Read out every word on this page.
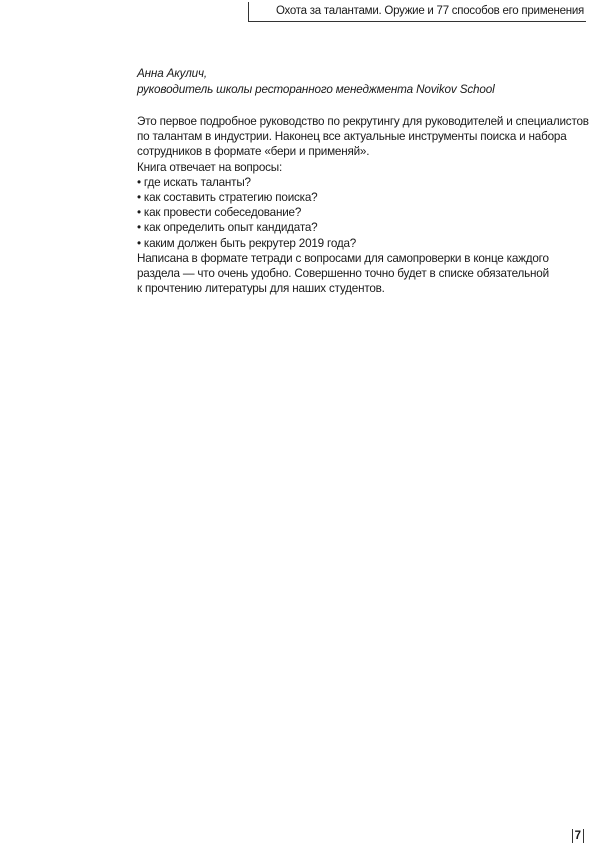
Охота за талантами. Оружие и 77 способов его применения
Анна Акулич,
руководитель школы ресторанного менеджмента Novikov School
Это первое подробное руководство по рекрутингу для руководителей и специалистов
по талантам в индустрии. Наконец все актуальные инструменты поиска и набора
сотрудников в формате «бери и применяй».
Книга отвечает на вопросы:
• где искать таланты?
• как составить стратегию поиска?
• как провести собеседование?
• как определить опыт кандидата?
• каким должен быть рекрутер 2019 года?
Написана в формате тетради с вопросами для самопроверки в конце каждого
раздела — что очень удобно. Совершенно точно будет в списке обязательной
к прочтению литературы для наших студентов.
7
